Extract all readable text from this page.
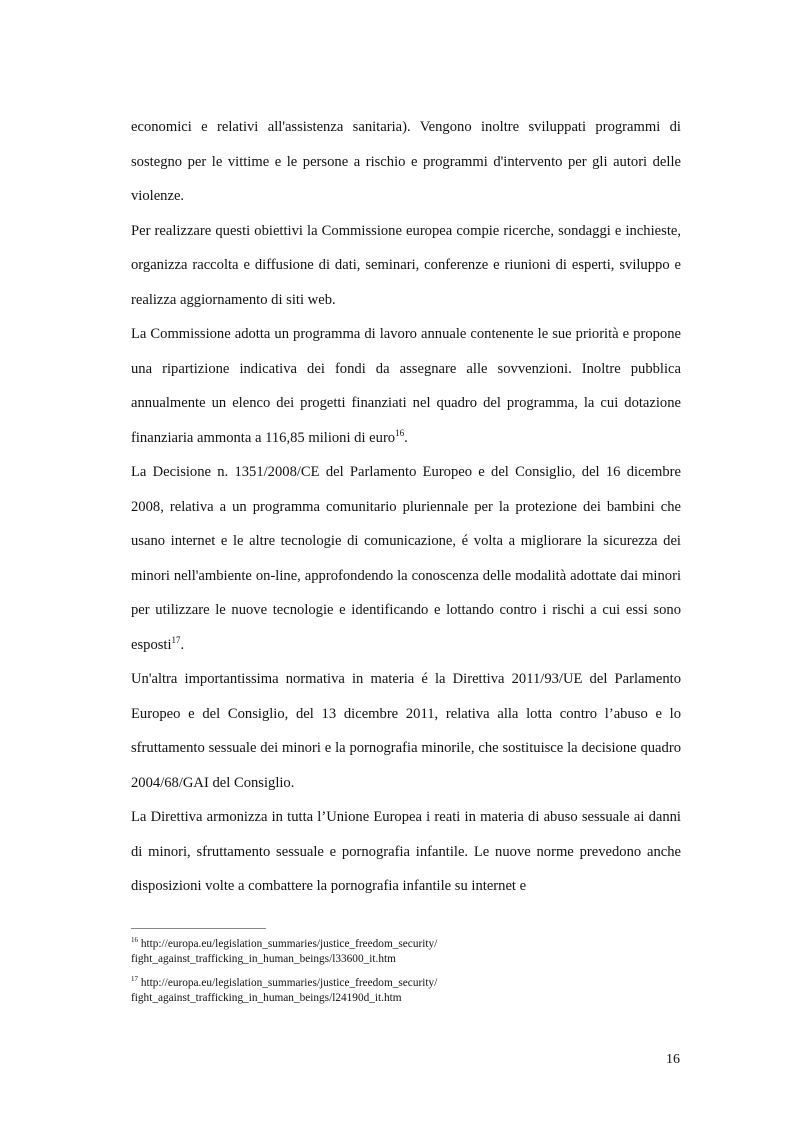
economici e relativi all'assistenza sanitaria). Vengono inoltre sviluppati programmi di sostegno per le vittime e le persone a rischio e programmi d'intervento per gli autori delle violenze.

Per realizzare questi obiettivi la Commissione europea compie ricerche, sondaggi e inchieste, organizza raccolta e diffusione di dati, seminari, conferenze e riunioni di esperti, sviluppo e realizza aggiornamento di siti web.

La Commissione adotta un programma di lavoro annuale contenente le sue priorità e propone una ripartizione indicativa dei fondi da assegnare alle sovvenzioni. Inoltre pubblica annualmente un elenco dei progetti finanziati nel quadro del programma, la cui dotazione finanziaria ammonta a 116,85 milioni di euro$^{16}$.

La Decisione n. 1351/2008/CE del Parlamento Europeo e del Consiglio, del 16 dicembre 2008, relativa a un programma comunitario pluriennale per la protezione dei bambini che usano internet e le altre tecnologie di comunicazione, é volta a migliorare la sicurezza dei minori nell'ambiente on-line, approfondendo la conoscenza delle modalità adottate dai minori per utilizzare le nuove tecnologie e identificando e lottando contro i rischi a cui essi sono esposti$^{17}$.

Un'altra importantissima normativa in materia é la Direttiva 2011/93/UE del Parlamento Europeo e del Consiglio, del 13 dicembre 2011, relativa alla lotta contro l’abuso e lo sfruttamento sessuale dei minori e la pornografia minorile, che sostituisce la decisione quadro 2004/68/GAI del Consiglio.

La Direttiva armonizza in tutta l’Unione Europea i reati in materia di abuso sessuale ai danni di minori, sfruttamento sessuale e pornografia infantile. Le nuove norme prevedono anche disposizioni volte a combattere la pornografia infantile su internet e

$^{16}$ http://europa.eu/legislation_summaries/justice_freedom_security/
fight_against_trafficking_in_human_beings/l33600_it.htm
$^{17}$ http://europa.eu/legislation_summaries/justice_freedom_security/
fight_against_trafficking_in_human_beings/l24190d_it.htm
16
